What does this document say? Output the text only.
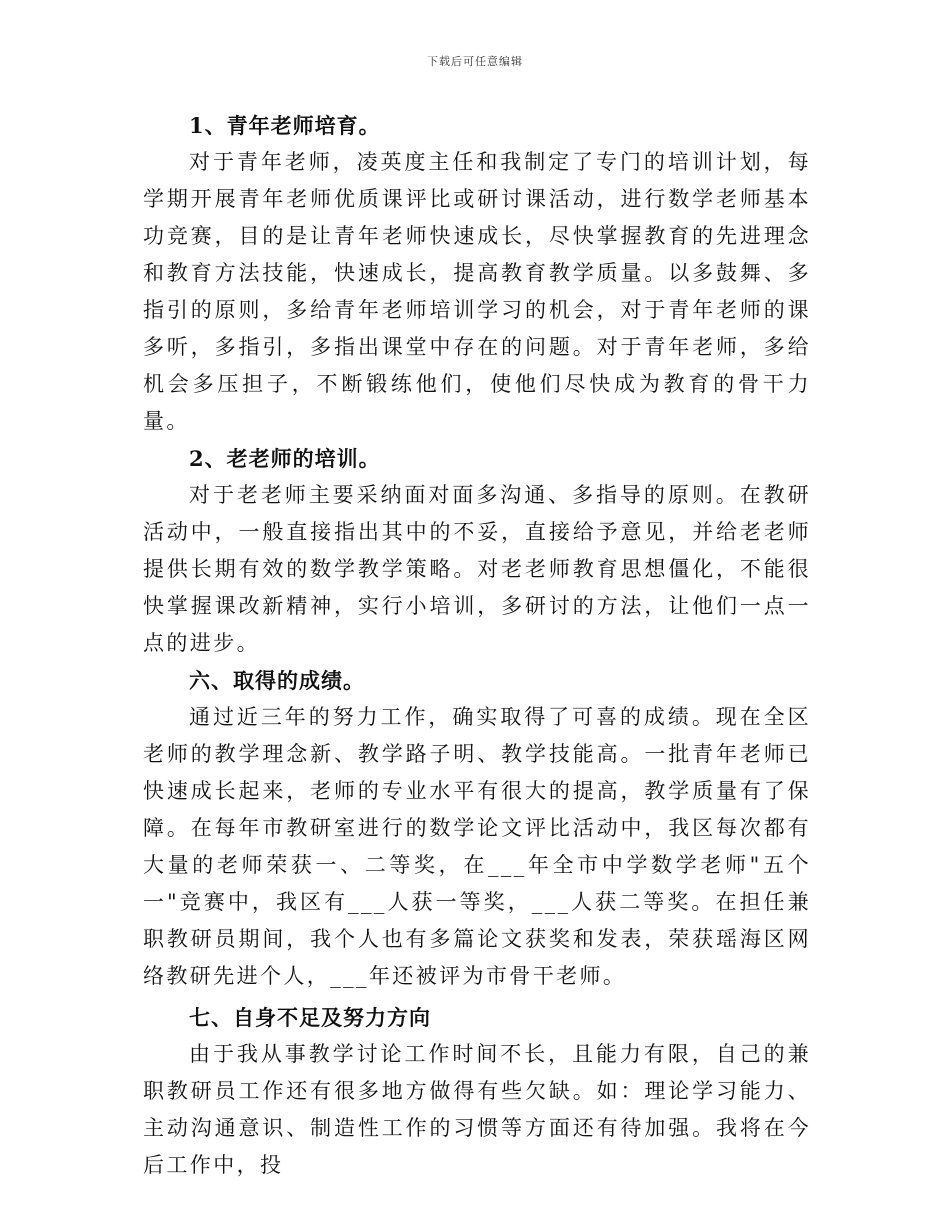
下载后可任意编辑
1、青年老师培育。

对于青年老师，凌英度主任和我制定了专门的培训计划，每学期开展青年老师优质课评比或研讨课活动，进行数学老师基本功竞赛，目的是让青年老师快速成长，尽快掌握教育的先进理念和教育方法技能，快速成长，提高教育教学质量。以多鼓舞、多指引的原则，多给青年老师培训学习的机会，对于青年老师的课多听，多指引，多指出课堂中存在的问题。对于青年老师，多给机会多压担子，不断锻练他们，使他们尽快成为教育的骨干力量。

2、老老师的培训。

对于老老师主要采纳面对面多沟通、多指导的原则。在教研活动中，一般直接指出其中的不妥，直接给予意见，并给老老师提供长期有效的数学教学策略。对老老师教育思想僵化，不能很快掌握课改新精神，实行小培训，多研讨的方法，让他们一点一点的进步。

六、取得的成绩。

通过近三年的努力工作，确实取得了可喜的成绩。现在全区老师的教学理念新、教学路子明、教学技能高。一批青年老师已快速成长起来，老师的专业水平有很大的提高，教学质量有了保障。在每年市教研室进行的数学论文评比活动中，我区每次都有大量的老师荣获一、二等奖，在___年全市中学数学老师"五个一"竞赛中，我区有___人获一等奖，___人获二等奖。在担任兼职教研员期间，我个人也有多篇论文获奖和发表，荣获瑶海区网络教研先进个人，___年还被评为市骨干老师。

七、自身不足及努力方向

由于我从事教学讨论工作时间不长，且能力有限，自己的兼职教研员工作还有很多地方做得有些欠缺。如：理论学习能力、主动沟通意识、制造性工作的习惯等方面还有待加强。我将在今后工作中，投
